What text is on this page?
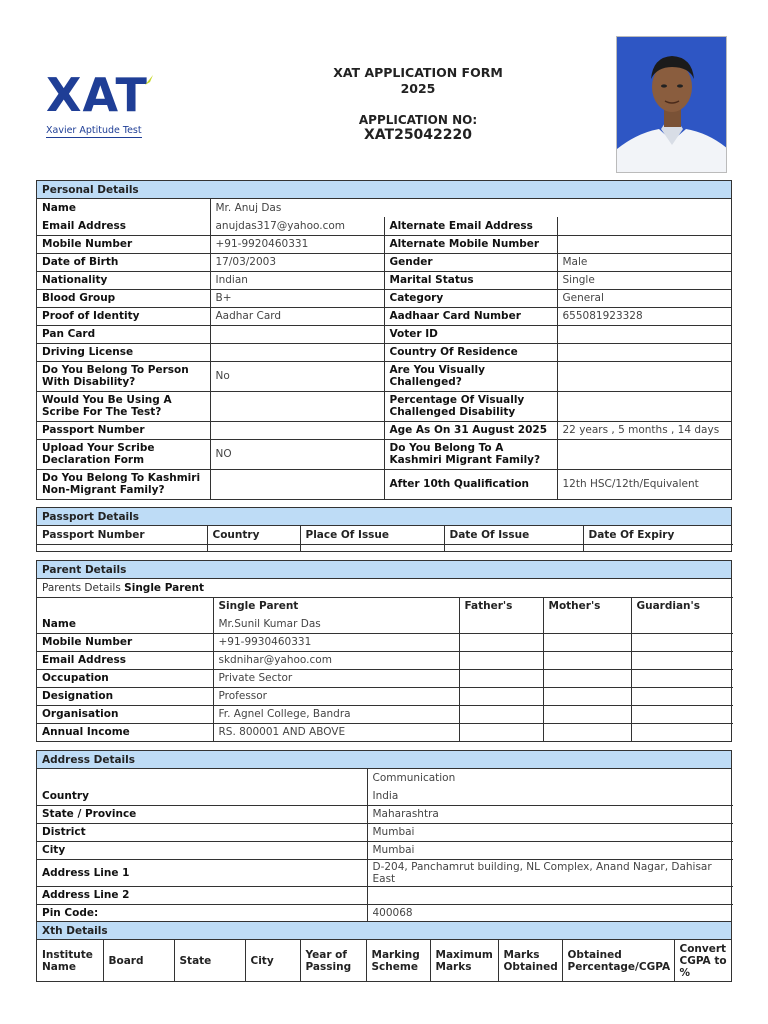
XAT
Xavier Aptitude Test
XAT APPLICATION FORM
2025
APPLICATION NO:
XAT25042220
Personal Details
Name	Mr. Anuj Das		
Email Address	anujdas317@yahoo.com	Alternate Email Address	
Mobile Number	+91-9920460331	Alternate Mobile Number	
Date of Birth	17/03/2003	Gender	Male
Nationality	Indian	Marital Status	Single
Blood Group	B+	Category	General
Proof of Identity	Aadhar Card	Aadhaar Card Number	655081923328
Pan Card		Voter ID	
Driving License		Country Of Residence	
Do You Belong To Person With Disability?	No	Are You Visually Challenged?	
Would You Be Using A Scribe For The Test?		Percentage Of Visually Challenged Disability	
Passport Number		Age As On 31 August 2025	22 years , 5 months , 14 days
Upload Your Scribe Declaration Form	NO	Do You Belong To A Kashmiri Migrant Family?	
Do You Belong To Kashmiri Non-Migrant Family?		After 10th Qualification	12th HSC/12th/Equivalent
Passport Details
Passport Number	Country	Place Of Issue	Date Of Issue	Date Of Expiry

Parent Details
Parents Details Single Parent				
	Single Parent	Father's	Mother's	Guardian's
Name	Mr.Sunil Kumar Das			
Mobile Number	+91-9930460331			
Email Address	skdnihar@yahoo.com			
Occupation	Private Sector			
Designation	Professor			
Organisation	Fr. Agnel College, Bandra			
Annual Income	RS. 800001 AND ABOVE			
Address Details
	Communication
Country	India
State / Province	Maharashtra
District	Mumbai
City	Mumbai
Address Line 1	D-204, Panchamrut building, NL Complex, Anand Nagar, Dahisar East
Address Line 2	
Pin Code:	400068
Xth Details
Institute Name	Board	State	City	Year of Passing	Marking Scheme	Maximum Marks	Marks Obtained	Obtained Percentage/CGPA	Convert CGPA to %
